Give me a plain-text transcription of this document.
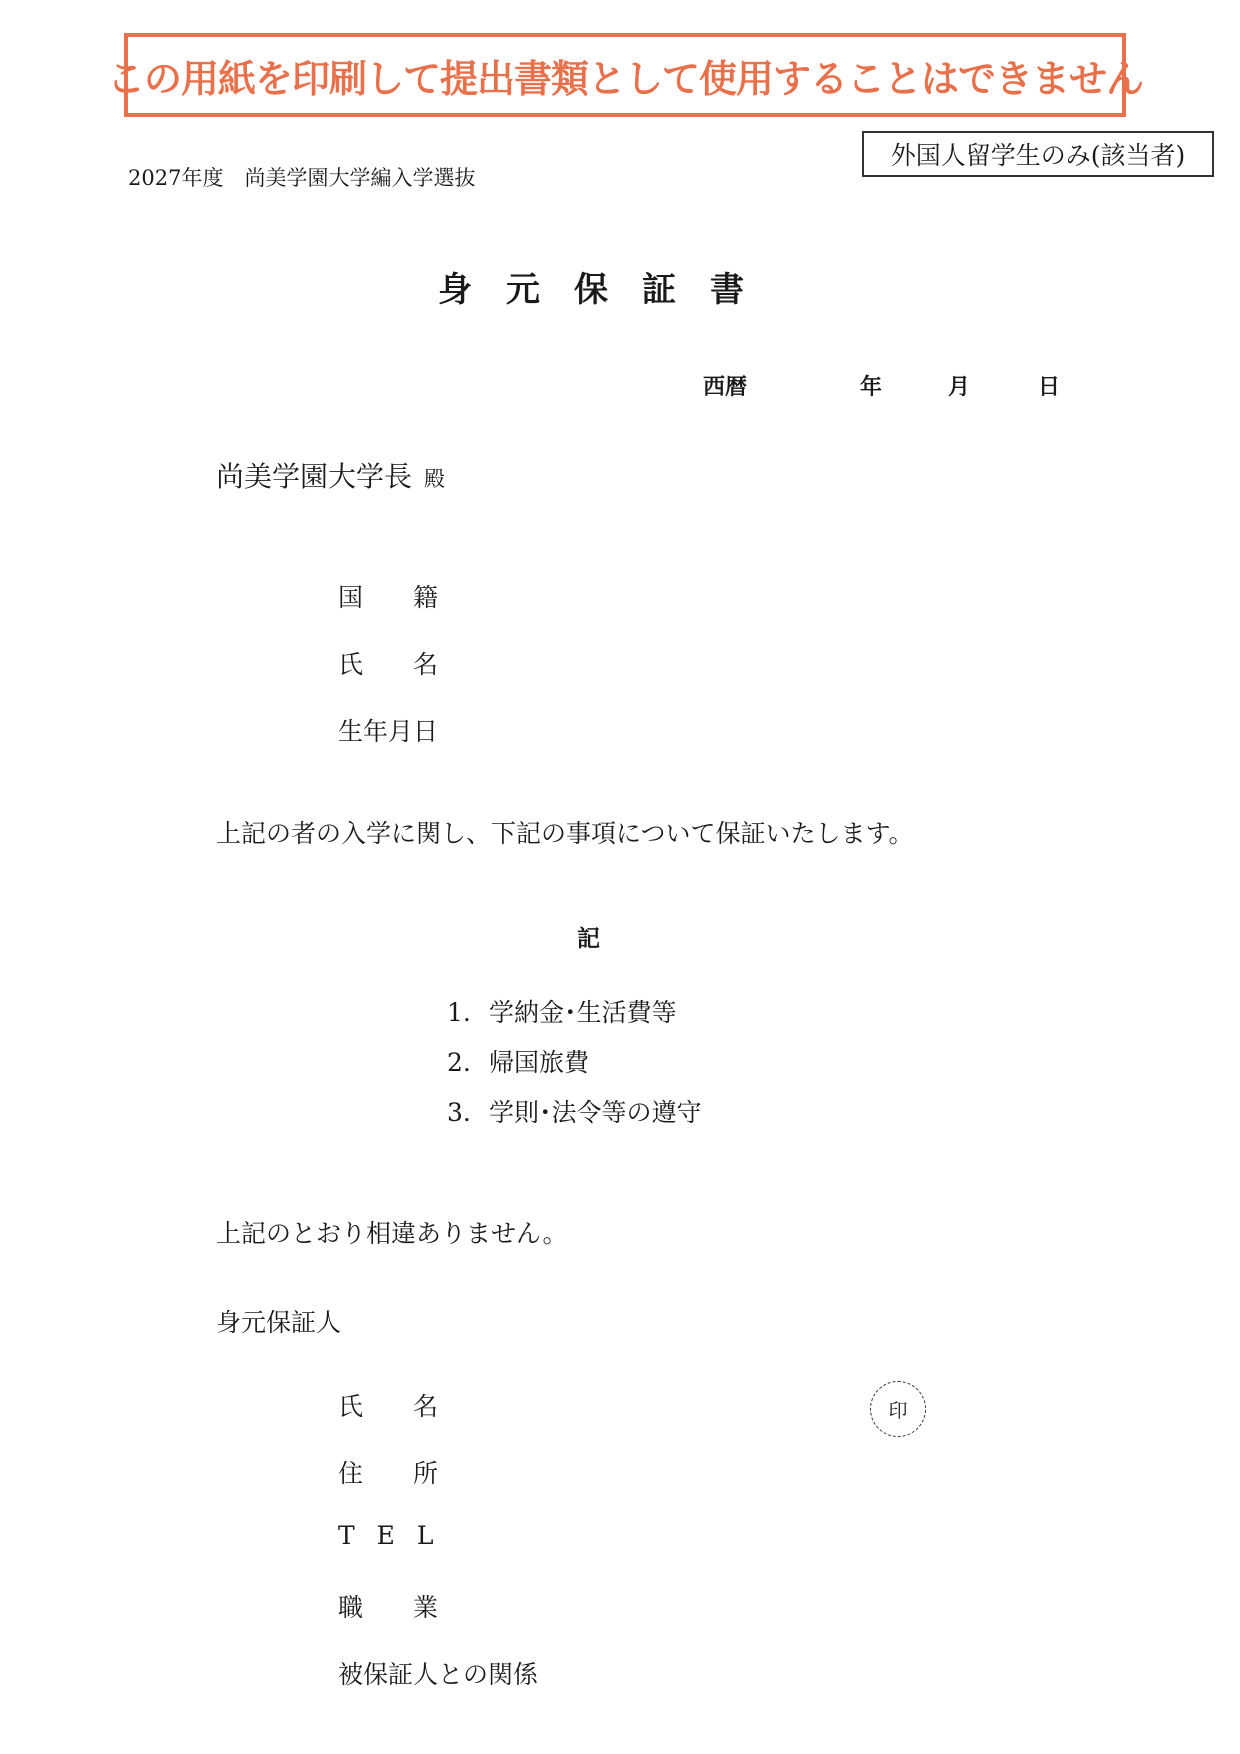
この用紙を印刷して提出書類として使用することはできません
外国人留学生のみ(該当者)
2027年度　尚美学園大学編入学選抜
身元保証書
西暦	年	月	日
尚美学園大学長 殿
国籍
氏名
生年月日
上記の者の入学に関し、下記の事項について保証いたします。
記
1. 学納金･生活費等
2. 帰国旅費
3. 学則･法令等の遵守
上記のとおり相違ありません。
身元保証人
氏名	印
住所
TEL
職業
被保証人との関係
